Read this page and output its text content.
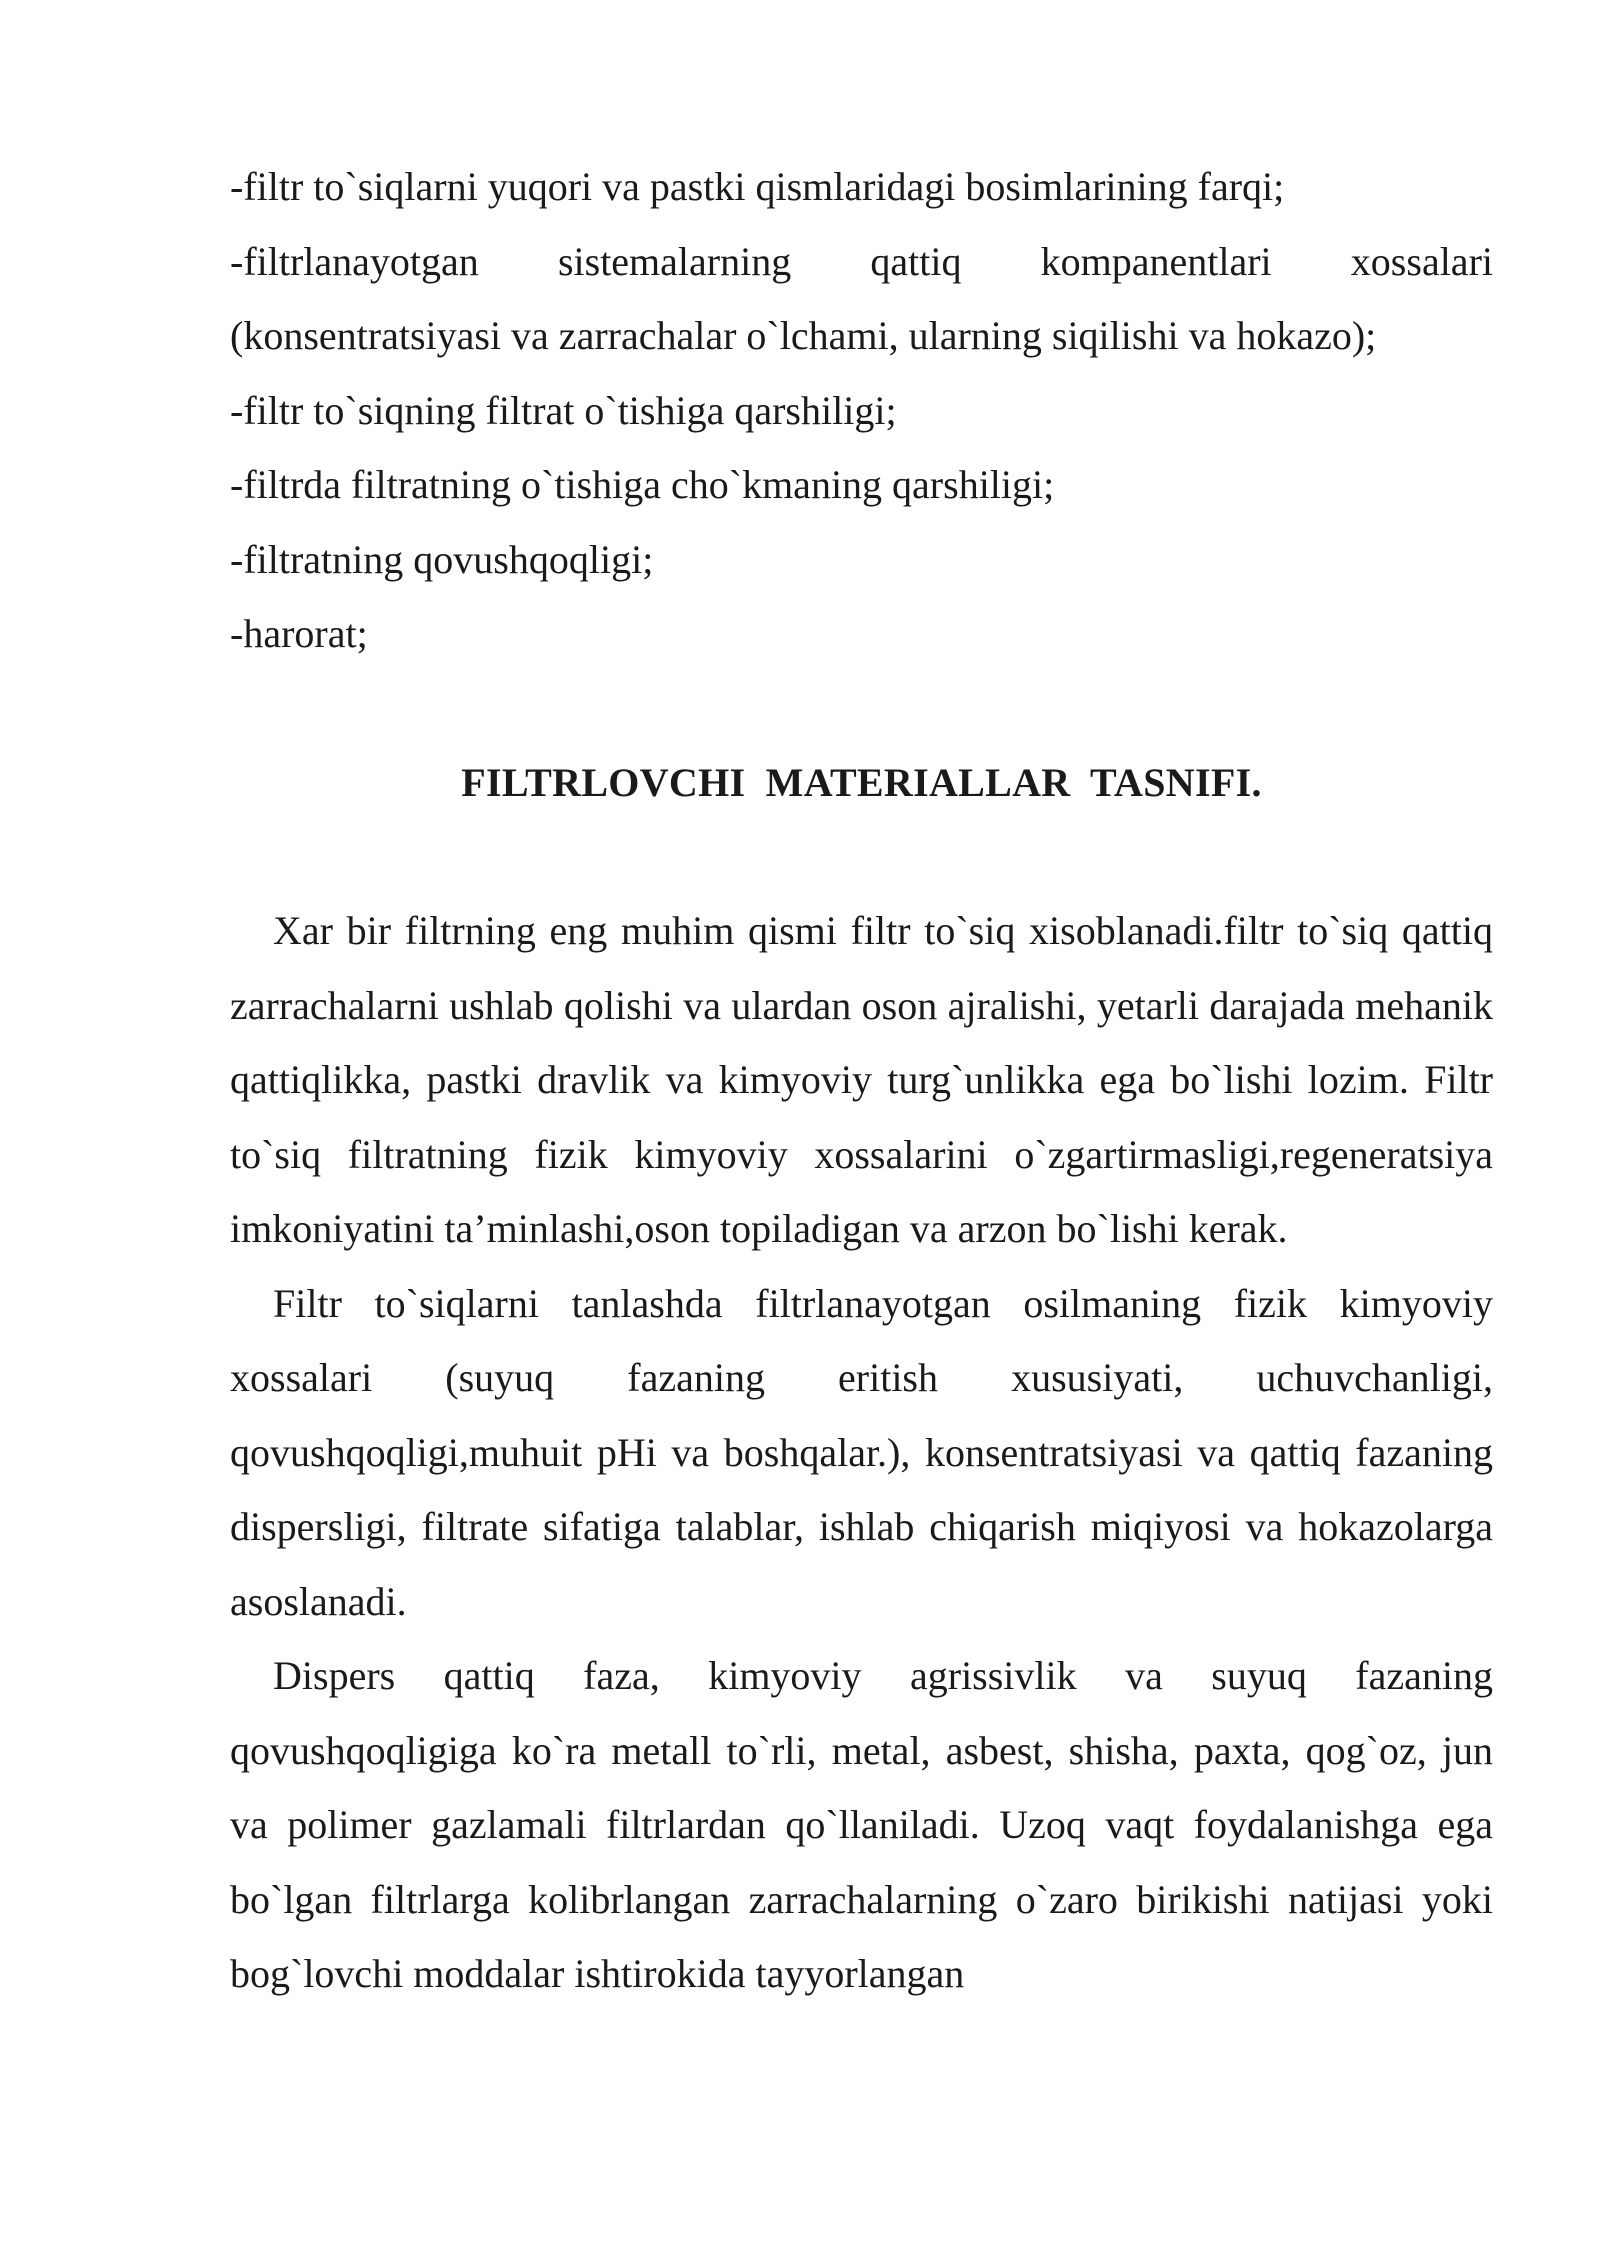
-filtr to`siqlarni yuqori va pastki qismlaridagi bosimlarining farqi;
-filtrlanayotgan sistemalarning qattiq kompanentlari xossalari
(konsentratsiyasi va zarrachalar o`lchami, ularning siqilishi va hokazo);
-filtr to`siqning filtrat o`tishiga qarshiligi;
-filtrda filtratning o`tishiga cho`kmaning qarshiligi;
-filtratning qovushqoqligi;
-harorat;

FILTRLOVCHI MATERIALLAR TASNIFI.

Xar bir filtrning eng muhim qismi filtr to`siq xisoblanadi.filtr to`siq qattiq zarrachalarni ushlab qolishi va ulardan oson ajralishi, yetarli darajada mehanik qattiqlikka, pastki dravlik va kimyoviy turg`unlikka ega bo`lishi lozim. Filtr to`siq filtratning fizik kimyoviy xossalarini o`zgartirmasligi,regeneratsiya imkoniyatini ta’minlashi,oson topiladigan va arzon bo`lishi kerak.

Filtr to`siqlarni tanlashda filtrlanayotgan osilmaning fizik kimyoviy xossalari (suyuq fazaning eritish xususiyati, uchuvchanligi, qovushqoqligi,muhuit pHi va boshqalar.), konsentratsiyasi va qattiq fazaning dispersligi, filtrate sifatiga talablar, ishlab chiqarish miqiyosi va hokazolarga asoslanadi.

Dispers qattiq faza, kimyoviy agrissivlik va suyuq fazaning qovushqoqligiga ko`ra metall to`rli, metal, asbest, shisha, paxta, qog`oz, jun va polimer gazlamali filtrlardan qo`llaniladi. Uzoq vaqt foydalanishga ega bo`lgan filtrlarga kolibrlangan zarrachalarning o`zaro birikishi natijasi yoki bog`lovchi moddalar ishtirokida tayyorlangan
